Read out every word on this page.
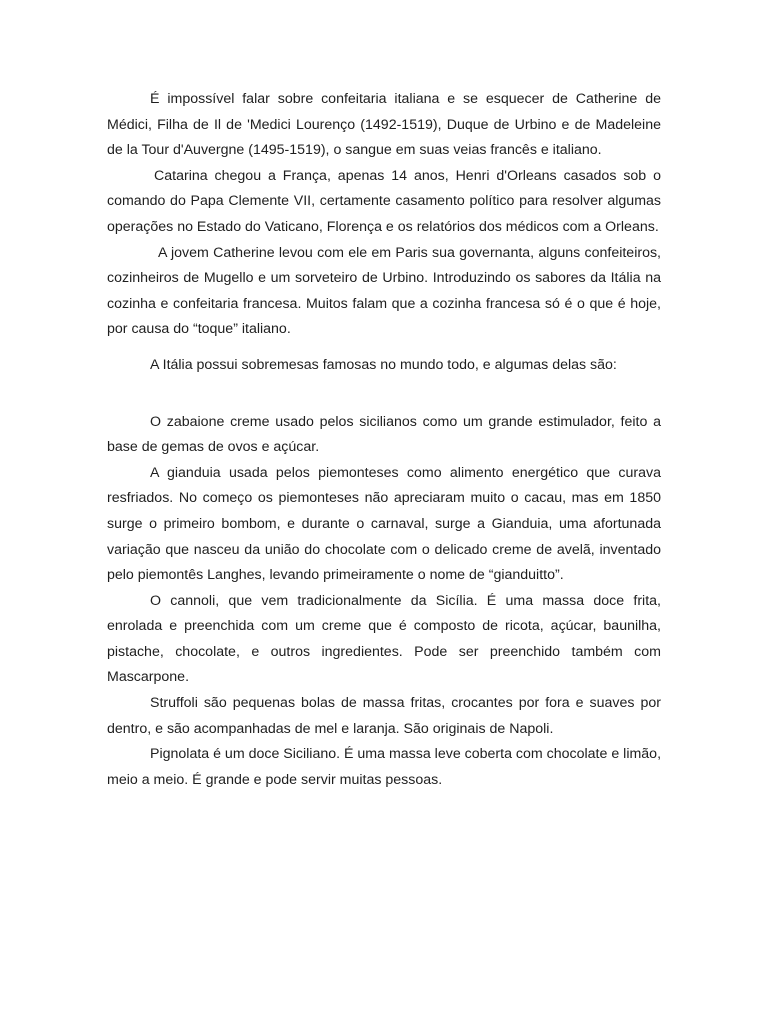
É impossível falar sobre confeitaria italiana e se esquecer de Catherine de Médici, Filha de Il de 'Medici Lourenço (1492-1519), Duque de Urbino e de Madeleine de la Tour d'Auvergne (1495-1519), o sangue em suas veias francês e italiano.

Catarina chegou a França, apenas 14 anos, Henri d'Orleans casados sob o comando do Papa Clemente VII, certamente casamento político para resolver algumas operações no Estado do Vaticano, Florença e os relatórios dos médicos com a Orleans.

A jovem Catherine levou com ele em Paris sua governanta, alguns confeiteiros, cozinheiros de Mugello e um sorveteiro de Urbino. Introduzindo os sabores da Itália na cozinha e confeitaria francesa. Muitos falam que a cozinha francesa só é o que é hoje, por causa do “toque” italiano.

A Itália possui sobremesas famosas no mundo todo, e algumas delas são:

O zabaione creme usado pelos sicilianos como um grande estimulador, feito a base de gemas de ovos e açúcar.

A gianduia usada pelos piemonteses como alimento energético que curava resfriados. No começo os piemonteses não apreciaram muito o cacau, mas em 1850 surge o primeiro bombom, e durante o carnaval, surge a Gianduia, uma afortunada variação que nasceu da união do chocolate com o delicado creme de avelã, inventado pelo piemontês Langhes, levando primeiramente o nome de “gianduitto”.

O cannoli, que vem tradicionalmente da Sicília. É uma massa doce frita, enrolada e preenchida com um creme que é composto de ricota, açúcar, baunilha, pistache, chocolate, e outros ingredientes. Pode ser preenchido também com Mascarpone.

Struffoli são pequenas bolas de massa fritas, crocantes por fora e suaves por dentro, e são acompanhadas de mel e laranja. São originais de Napoli.

Pignolata é um doce Siciliano. É uma massa leve coberta com chocolate e limão, meio a meio. É grande e pode servir muitas pessoas.
